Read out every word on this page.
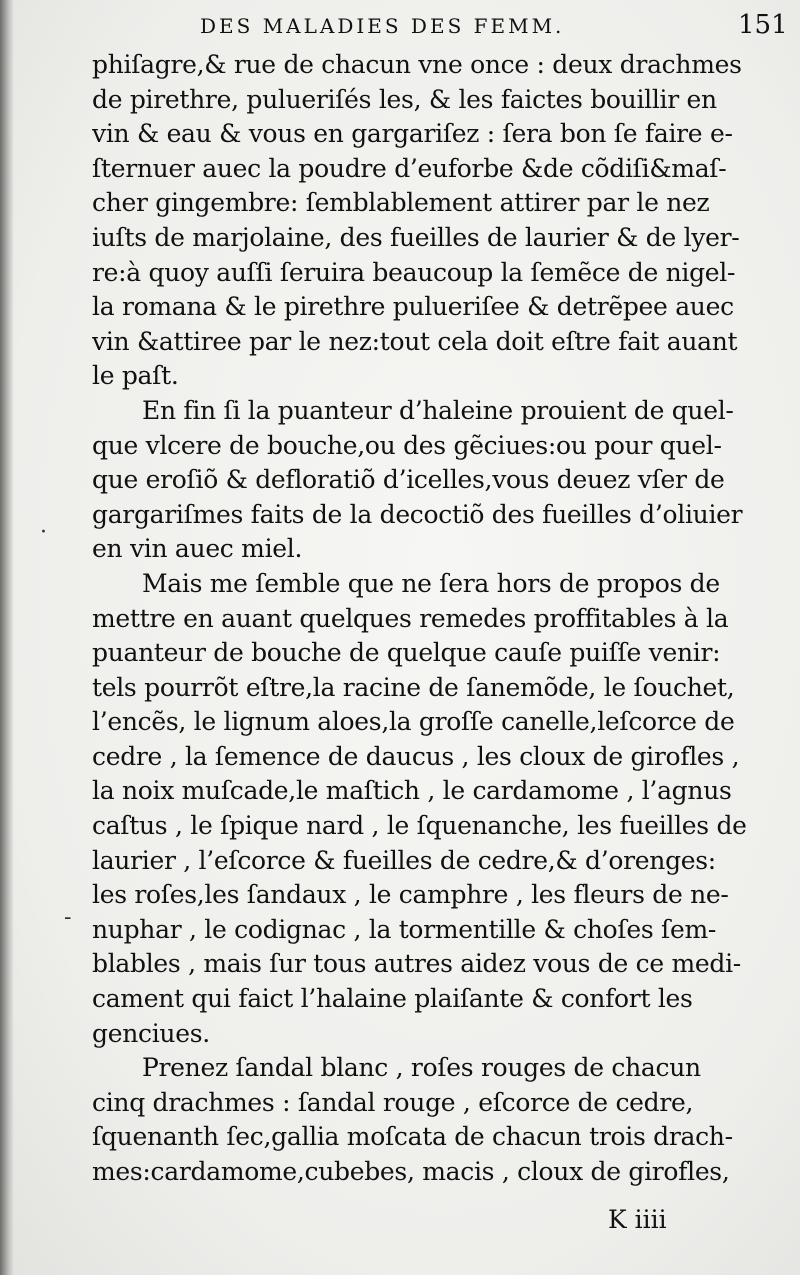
DES MALADIES DES FEMM.	151
phiſagre,& rue de chacun vne once : deux drachmes
de pirethre, pulueriſés les, & les faictes bouillir en
vin & eau & vous en gargariſez : ſera bon ſe faire e-
ſternuer auec la poudre d’euforbe &de cõdiſi&maſ-
cher gingembre: ſemblablement attirer par le nez
iuſts de marjolaine, des fueilles de laurier & de lyer-
re:à quoy auſſi ſeruira beaucoup la ſemẽce de nigel-
la romana & le pirethre pulueriſee & detrẽpee auec
vin &attiree par le nez:tout cela doit eſtre fait auant
le paſt.
En fin ſi la puanteur d’haleine prouient de quel-
que vlcere de bouche,ou des gẽciues:ou pour quel-
que eroſiõ & defloratiõ d’icelles,vous deuez vſer de
gargariſmes faits de la decoctiõ des fueilles d’oliuier
en vin auec miel.
Mais me ſemble que ne ſera hors de propos de
mettre en auant quelques remedes proffitables à la
puanteur de bouche de quelque cauſe puiſſe venir:
tels pourrõt eſtre,la racine de ſanemõde, le ſouchet,
l’encẽs, le lignum aloes,la groſſe canelle,leſcorce de
cedre , la ſemence de daucus , les cloux de girofles ,
la noix muſcade,le maſtich , le cardamome , l’agnus
caſtus , le ſpique nard , le ſquenanche, les fueilles de
laurier , l’eſcorce & fueilles de cedre,& d’orenges:
les roſes,les ſandaux , le camphre , les fleurs de ne-
nuphar , le codignac , la tormentille & choſes ſem-
blables , mais ſur tous autres aidez vous de ce medi-
cament qui faict l’halaine plaiſante & confort les
genciues.
Prenez ſandal blanc , roſes rouges de chacun
cinq drachmes : ſandal rouge , eſcorce de cedre,
ſquenanth ſec,gallia moſcata de chacun trois drach-
mes:cardamome,cubebes, macis , cloux de girofles,
K iiii
·
-
